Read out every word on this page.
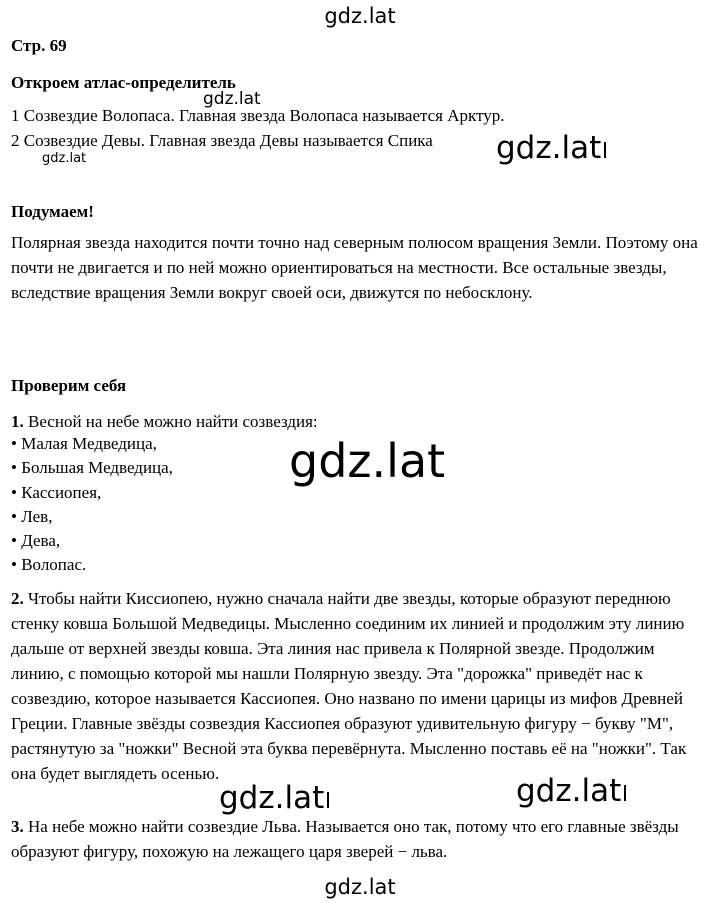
Стр. 69
Откроем атлас-определитель
1 Созвездие Волопаса. Главная звезда Волопаса называется Арктур.
2 Созвездие Девы. Главная звезда Девы называется Спика
Подумаем!
Полярная звезда находится почти точно над северным полюсом вращения Земли. Поэтому она почти не двигается и по ней можно ориентироваться на местности. Все остальные звезды, вследствие вращения Земли вокруг своей оси, движутся по небосклону.
Проверим себя
1. Весной на небе можно найти созвездия:
• Малая Медведица,
• Большая Медведица,
• Кассиопея,
• Лев,
• Дева,
• Волопас.
2. Чтобы найти Киссиопею, нужно сначала найти две звезды, которые образуют переднюю стенку ковша Большой Медведицы. Мысленно соединим их линией и продолжим эту линию дальше от верхней звезды ковша. Эта линия нас привела к Полярной звезде. Продолжим линию, с помощью которой мы нашли Полярную звезду. Эта "дорожка" приведёт нас к созвездию, которое называется Кассиопея. Оно названо по имени царицы из мифов Древней Греции. Главные звёзды созвездия Кассиопея образуют удивительную фигуру − букву "М", растянутую за "ножки" Весной эта буква перевёрнута. Мысленно поставь её на "ножки". Так она будет выглядеть осенью.
3. На небе можно найти созвездие Льва. Называется оно так, потому что его главные звёзды образуют фигуру, похожую на лежащего царя зверей − льва.
gdz.lat
gdz.lat
gdz.lat	gdz.lat
gdz.lat
gdz.lat	gdz.lat
gdz.lat
